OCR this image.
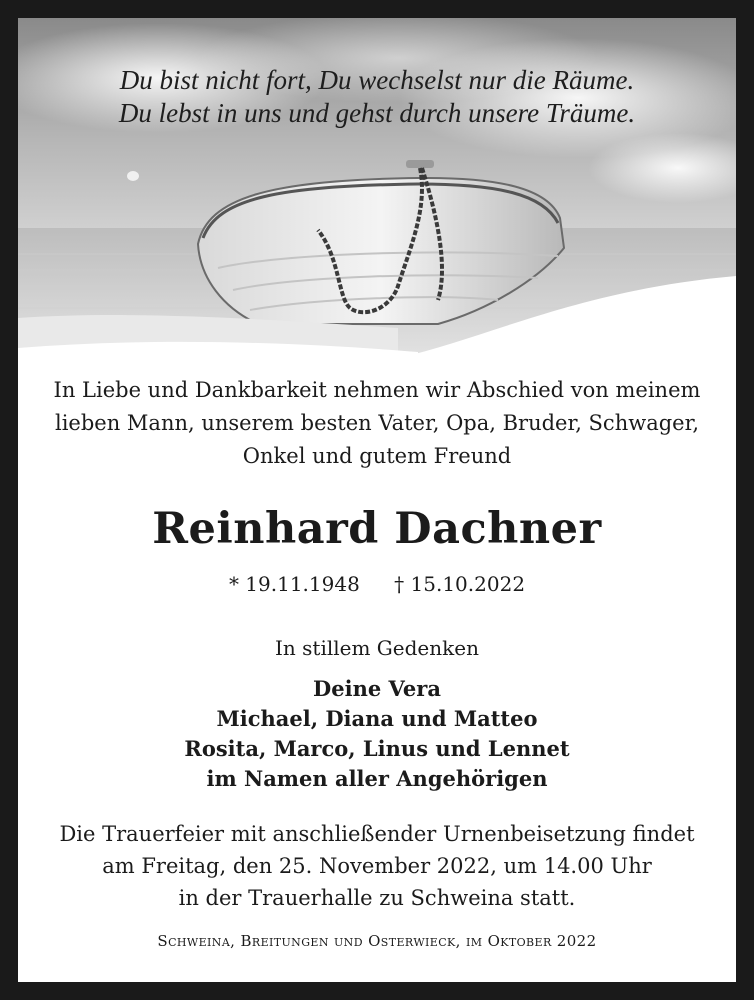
Du bist nicht fort, Du wechselst nur die Räume.
Du lebst in uns und gehst durch unsere Träume.
In Liebe und Dankbarkeit nehmen wir Abschied von meinem
lieben Mann, unserem besten Vater, Opa, Bruder, Schwager,
Onkel und gutem Freund
Reinhard Dachner
* 19.11.1948 † 15.10.2022
In stillem Gedenken
Deine Vera
Michael, Diana und Matteo
Rosita, Marco, Linus und Lennet
im Namen aller Angehörigen
Die Trauerfeier mit anschließender Urnenbeisetzung findet
am Freitag, den 25. November 2022, um 14.00 Uhr
in der Trauerhalle zu Schweina statt.
Schweina, Breitungen und Osterwieck, im Oktober 2022
